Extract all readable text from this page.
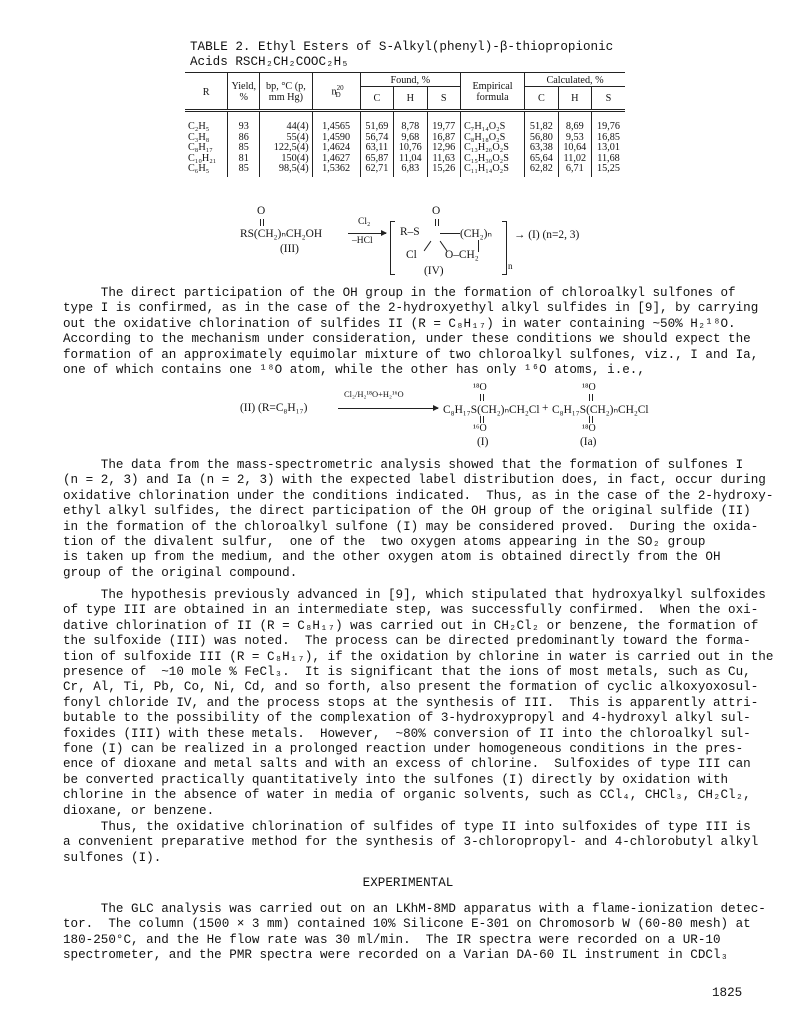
TABLE 2. Ethyl Esters of S-Alkyl(phenyl)-β-thiopropionic
Acids RSCH₂CH₂COOC₂H₅
R	Yield, %	bp, °C (p, mm Hg)	$n^{20}_D$	Found, %			Empirical formula	Calculated, %		
				C	H	S		C	H	S
C₂H₅	93	44(4)	1,4565	51,69	8,78	19,77	C₇H₁₄O₂S	51,82	8,69	19,76
C₃H₈	86	55(4)	1,4590	56,74	9,68	16,87	C₈H₁₈O₂S	56,80	9,53	16,85
C₈H₁₇	85	122,5(4)	1,4624	63,11	10,76	12,96	C₁₃H₂₆O₂S	63,38	10,64	13,01
C₁₀H₂₁	81	150(4)	1,4627	65,87	11,04	11,63	C₁₅H₃₀O₂S	65,64	11,02	11,68
C₆H₅	85	98,5(4)	1,5362	62,71	6,83	15,26	C₁₁H₁₄O₂S	62,82	6,71	15,25
O
RS(CH₂)ₙCH₂OH
(III)
Cl₂
–HCl
O
R–S	(CH₂)ₙ
Cl O–CH₂
n
(IV)
→ (I) (n=2, 3)
The direct participation of the OH group in the formation of chloroalkyl sulfones of
type I is confirmed, as in the case of the 2-hydroxyethyl alkyl sulfides in [9], by carrying
out the oxidative chlorination of sulfides II (R = C₈H₁₇) in water containing ~50% H₂¹⁸O.
According to the mechanism under consideration, under these conditions we should expect the
formation of an approximately equimolar mixture of two chloroalkyl sulfones, viz., I and Ia,
one of which contains one ¹⁸O atom, while the other has only ¹⁶O atoms, i.e.,
(II) (R=C₈H₁₇)
Cl₂/H₂¹⁸O+H₂¹⁶O
¹⁸O
C₈H₁₇S(CH₂)ₙCH₂Cl
¹⁶O
(I)
+
¹⁸O
C₈H₁₇S(CH₂)ₙCH₂Cl
¹⁸O
(Ia)
The data from the mass-spectrometric analysis showed that the formation of sulfones I
(n = 2, 3) and Ia (n = 2, 3) with the expected label distribution does, in fact, occur during
oxidative chlorination under the conditions indicated.  Thus, as in the case of the 2-hydroxy-
ethyl alkyl sulfides, the direct participation of the OH group of the original sulfide (II)
in the formation of the chloroalkyl sulfone (I) may be considered proved.  During the oxida-
tion of the divalent sulfur,  one of the  two oxygen atoms appearing in the SO₂ group
is taken up from the medium, and the other oxygen atom is obtained directly from the OH
group of the original compound.
The hypothesis previously advanced in [9], which stipulated that hydroxyalkyl sulfoxides
of type III are obtained in an intermediate step, was successfully confirmed.  When the oxi-
dative chlorination of II (R = C₈H₁₇) was carried out in CH₂Cl₂ or benzene, the formation of
the sulfoxide (III) was noted.  The process can be directed predominantly toward the forma-
tion of sulfoxide III (R = C₈H₁₇), if the oxidation by chlorine in water is carried out in the
presence of  ~10 mole % FeCl₃.  It is significant that the ions of most metals, such as Cu,
Cr, Al, Ti, Pb, Co, Ni, Cd, and so forth, also present the formation of cyclic alkoxyoxosul-
fonyl chloride IV, and the process stops at the synthesis of III.  This is apparently attri-
butable to the possibility of the complexation of 3-hydroxypropyl and 4-hydroxyl alkyl sul-
foxides (III) with these metals.  However,  ~80% conversion of II into the chloroalkyl sul-
fone (I) can be realized in a prolonged reaction under homogeneous conditions in the pres-
ence of dioxane and metal salts and with an excess of chlorine.  Sulfoxides of type III can
be converted practically quantitatively into the sulfones (I) directly by oxidation with
chlorine in the absence of water in media of organic solvents, such as CCl₄, CHCl₃, CH₂Cl₂,
dioxane, or benzene.
Thus, the oxidative chlorination of sulfides of type II into sulfoxides of type III is
a convenient preparative method for the synthesis of 3-chloropropyl- and 4-chlorobutyl alkyl
sulfones (I).
EXPERIMENTAL
The GLC analysis was carried out on an LKhM-8MD apparatus with a flame-ionization detec-
tor.  The column (1500 × 3 mm) contained 10% Silicone E-301 on Chromosorb W (60-80 mesh) at
180-250°C, and the He flow rate was 30 ml/min.  The IR spectra were recorded on a UR-10
spectrometer, and the PMR spectra were recorded on a Varian DA-60 IL instrument in CDCl₃
1825
